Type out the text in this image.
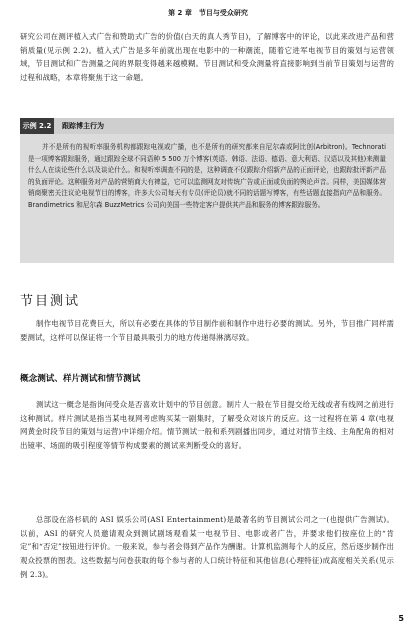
第 2 章　节目与受众研究

研究公司在测评植入式广告和赞助式广告的价值(白天的真人秀节目)，了解博客中的评论，以此来改进产品和营销质量(见示例 2.2)。植入式广告是多年前就出现在电影中的一种潮流，随着它进军电视节目的策划与运营领域，节目测试和广告测量之间的界限变得越来越模糊。节目测试和受众测量将直接影响到当前节目策划与运营的过程和战略，本章将聚焦于这一命题。

示例 2.2	跟踪博主行为

并不是所有的视听率服务机构都跟踪电视或广播，也不是所有的研究都来自尼尔森或阿比创(Arbitron)。Technorati 是一项博客跟踪服务，通过跟踪全球不同语种 5 500 万个博客(英语、韩语、法语、德语、意大利语、汉语以及其他)来测量什么人在谈论些什么以及谈论什么。和视听率调查不同的是，这种调查不仅跟踪介绍新产品的正面评论，也跟踪批评新产品的负面评论。这种服务对产品的营销商大有裨益，它可以监测网友对传统广告或正面或负面的舆论声音。同样，美国媒体营销商聚密关注议论电视节目的博客，许多大公司每天有专员(评论员)就不同的话题写博客，有些话题直接指向产品和服务。Brandimetrics 和尼尔森 BuzzMetrics 公司向美国一些特定客户提供其产品和服务的博客跟踪服务。

节目测试

制作电视节目花费巨大，所以有必要在具体的节目制作前和制作中进行必要的测试。另外，节目推广同样需要测试，这样可以保证将一个节目最具吸引力的地方传递得淋漓尽致。

概念测试、样片测试和情节测试

测试这一概念是指询问受众是否喜欢计划中的节目创意。制片人一般在节目提交给无线或者有线网之前进行这种测试。样片测试是指当某电视网考虑购买某一剧集时，了解受众对该片的反应。这一过程将在第 4 章(电视网黄金时段节目的策划与运营)中详细介绍。情节测试一般和系列剧播出同步，通过对情节主线、主角配角的相对出镜率、场面的吸引程度等情节构成要素的测试来判断受众的喜好。

总部设在洛杉矶的 ASI 娱乐公司(ASI Entertainment)是最著名的节目测试公司之一(也提供广告测试)。以前，ASI 的研究人员邀请观众到测试剧场观看某一电视节目、电影或者广告，并要求他们按座位上的“肯定”和“否定”按钮进行评价。一般来说，参与者会得到产品作为酬谢。计算机监测每个人的反应，然后逐步制作出观众投票的图表。这些数据与问卷获取的每个参与者的人口统计特征和其他信息(心理特征)成高度相关关系(见示例 2.3)。

5
